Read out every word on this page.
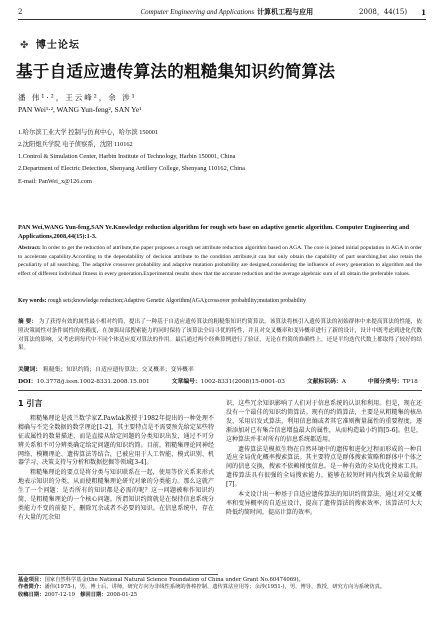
2	Computer Engineering and Applications 计算机工程与应用	2008，44(15) 1
✤ 博士论坛
基于自适应遗传算法的粗糙集知识约简算法
潘 伟¹·²，王云峰²，余 涉¹
PAN Wei¹·², WANG Yun-feng², SAN Ye¹
1.哈尔滨工业大学 控制与仿真中心，哈尔滨 150001
2.沈阳炮兵学院 电子侦察系，沈阳 110162
1.Control & Simulation Center, Harbin Institute of Technology, Harbin 150001, China
2.Department of Electric Detection, Shenyang Artillery College, Shenyang 110162, China
E-mail: PanWei_x@126.com
PAN Wei,WANG Yun-feng,SAN Ye.Knowledge reduction algorithm for rough sets base on adaptive genetic algorithm. Computer Engineering and Applications,2008,44(15):1-3.
Abstract: In order to get the reduction of attribute,the paper proposes a rough set attribute reduction algorithm based on AGA. The core is joined initial population in AGA in order to accelerate capability.According to the dependability of decision attribute to the condition attribute,it can but only obtain the capability of part searching,but also retain the peculiarity of all searching. The adaptive crossover probability and adaptive mutation probability are designed,considering the influence of every generation to algorithm and the effect of different individual fitness in every generation.Experimental results show that the accurate reduction and the average algebraic sum of all obtain the preferable values.
Key words: rough sets;knowledge reduction;Adaptive Genetic Algorithm(AGA);crossover probability;mutation probability
摘 要： 为了获得有效的属性最小相对约简，提出了一种基于自适应遗传算法的粗糙集知识约简算法。该算法将核引入遗传算法的初始群体中来提高算法的性能，依照决策属性对条件属性的依赖度，在加强局部搜索能力的同时保持了该算法全局寻优的特性，并且对交叉概率和变异概率进行了新的设计，设计中既考虑到进化代数对算法的影响，又考虑到每代中不同个体适应度对算法的作用。最后通过两个经典算例进行了验证，无论在约简的准确性上，还是平均迭代代数上都取得了较好的结果。
关键词： 粗糙集；知识约简；自适应遗传算法；交叉概率；变异概率
DOI：10.3778/j.issn.1002-8331.2008.15.001	文章编号：1002-8331(2008)15-0001-03	文献标识码：A	中图分类号：TP18
1 引言

粗糙集理论是波兰数学家Z.Pawlak教授于1982年提出的一种处理不精确与不完全数据的数学理论[1-2]，其主要特点是不需要预先给定某些特征或属性的数量描述，而是直接从给定问题的分类知识出发，通过不可分辨关系和不可分辨类确定给定问题的知识约简。目前，粗糙集理论同神经网络、模糊理论、遗传算法等结合，已被应用于人工智能、模式识别、机器学习、决策支持与分析和数据挖掘等领域[3-4]。

粗糙集理论的要点是将分类与知识联系在一起，使用等价关系来形式地表示知识的分类，从而使粗糙集理论研究对象的分类能力。那么这就产生了一个问题：是否所有的知识都是必需的呢？这一问题被称作知识约简，是粗糙集理论的一个核心问题。所谓知识约简就是在保持信息系统分类能力不变的前提下，删除冗余或者不必要的知识。在信息系统中，存在有大量的冗余知

识，这些冗余知识影响了人们对于信息系统的认识和利用。但是，现在还没有一个最佳的知识约简算法。现有的约简算法，主要是从粗糙集的核出发，采用启发式算法，利用信息熵或者其它准则衡量属性的重要程度，逐渐添加对已有集合信息增益最大的属性，从而构造最小约简[5-6]。但是，这种算法并非对所有的信息系统都适用。

遗传算法是模拟生物在自然环境中的遗传和进化过程而形成的一种自适应全局优化概率搜索算法。其主要特点是群体搜索策略和群体中个体之间的信息交换，搜索不依赖梯度信息。是一种有效的全局优化搜索工具。遗传算法具有很强的全局搜索能力，能够在较短时间内找到全局最优解[7]。

本文设计出一种基于自适应遗传算法的知识约简算法，通过对交叉概率和变异概率的自适应设计，提高了遗传算法的搜索效率，该算法可大大降低约简时间，提高计算的效率。

基金项目：国家自然科学基金(the National Natural Science Foundation of China under Grant No.60474069)。
作者简介：潘伟(1975-)，男，博士后，讲师，研究方向为非线性系统的鲁棒控制、遗传算法应用等；余涉(1951-)，男，博导，教授，研究方向为系统仿真。
收稿日期：2007-12-19 修回日期：2008-01-25
